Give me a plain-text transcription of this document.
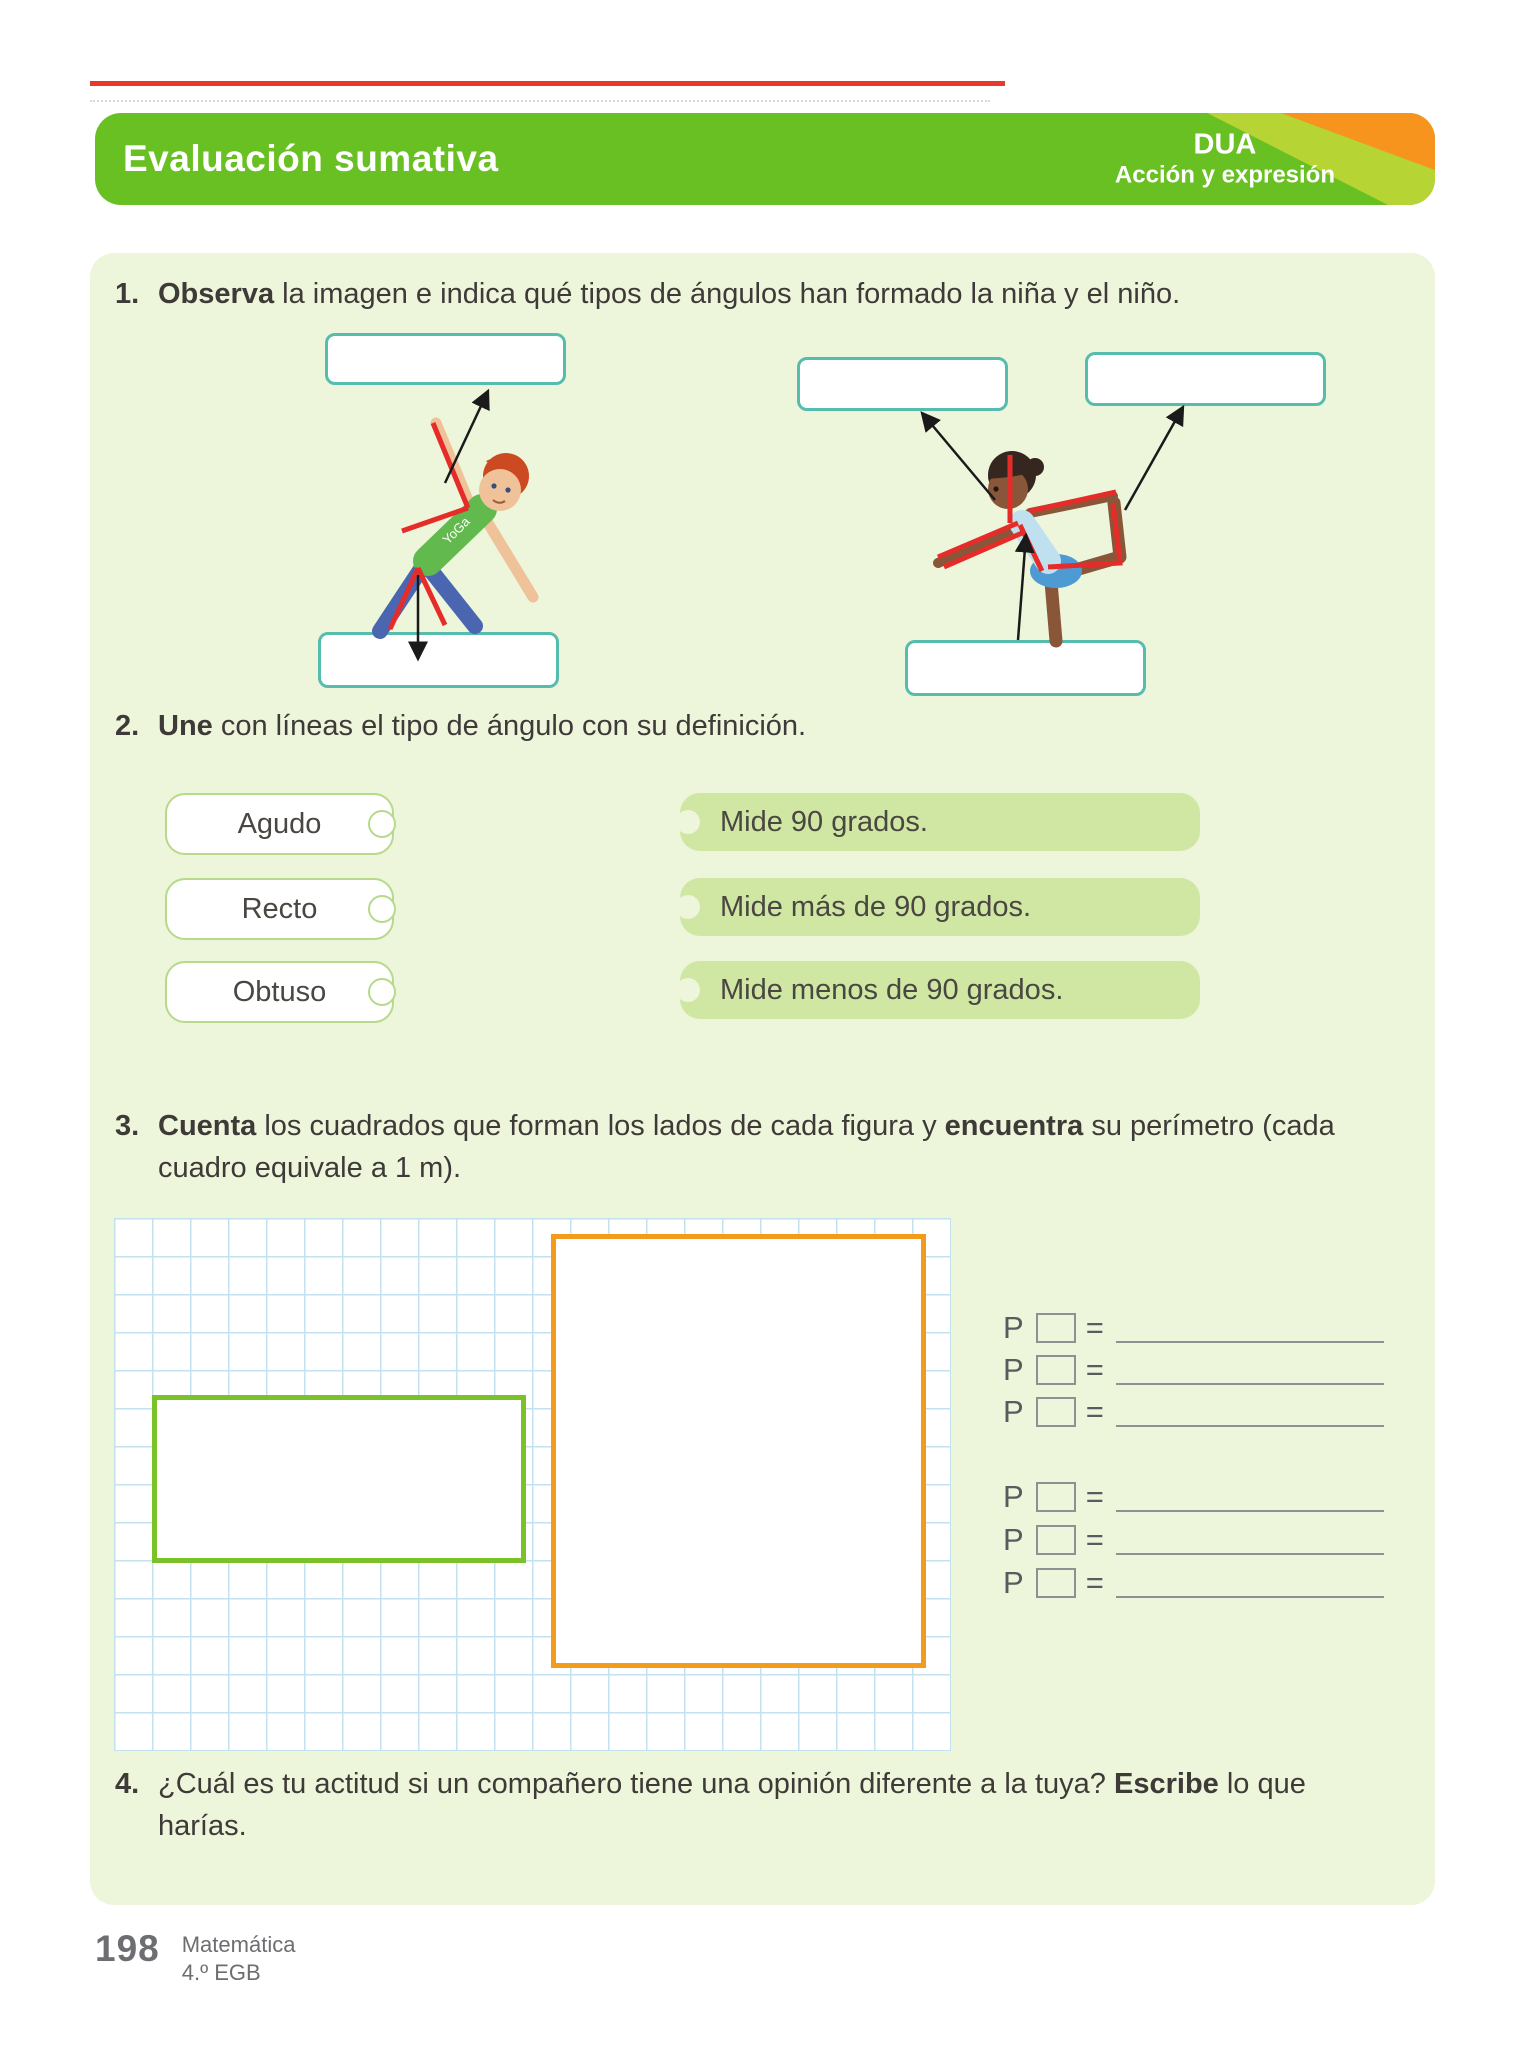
Evaluación sumativa	DUA
Acción y expresión
1. Observa la imagen e indica qué tipos de ángulos han formado la niña y el niño.
YoGa
2. Une con líneas el tipo de ángulo con su definición.
Agudo
Recto
Obtuso
Mide 90 grados.
Mide más de 90 grados.
Mide menos de 90 grados.
3. Cuenta los cuadrados que forman los lados de cada figura y encuentra su perímetro (cada cuadro equivale a 1 m).
P =
P =
P =
P =
P =
P =
4. ¿Cuál es tu actitud si un compañero tiene una opinión diferente a la tuya? Escribe lo que harías.
198 Matemática
4.º EGB
